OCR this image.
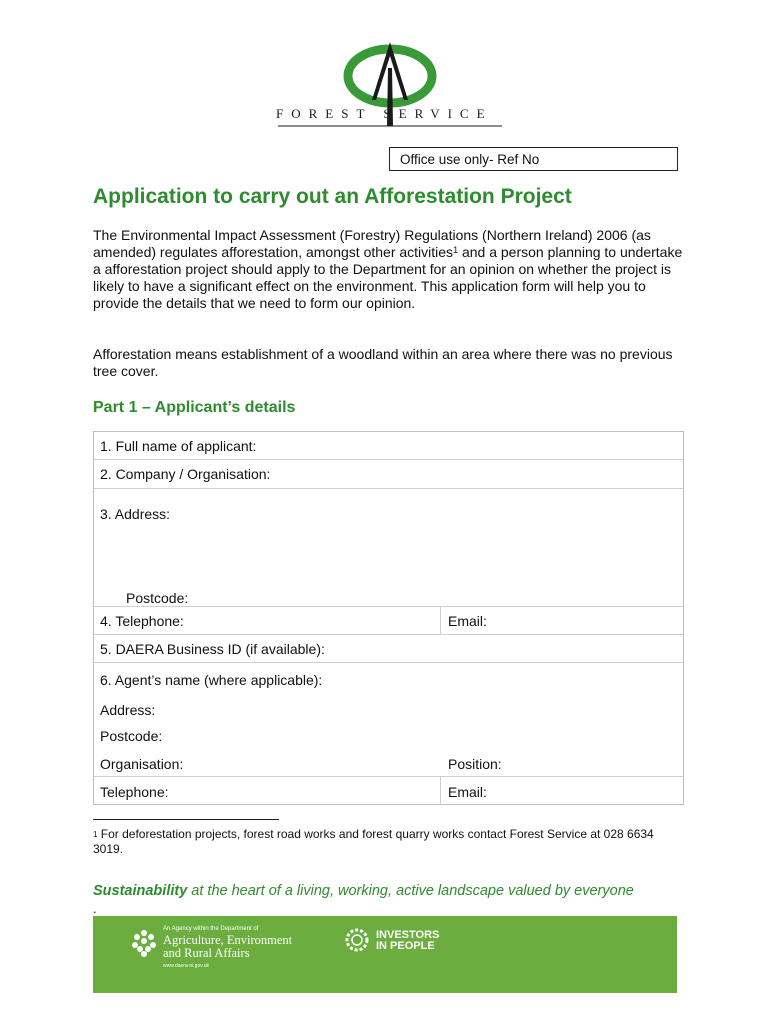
FOREST SERVICE
Office use only- Ref No
Application to carry out an Afforestation Project
The Environmental Impact Assessment (Forestry) Regulations (Northern Ireland) 2006 (as amended) regulates afforestation, amongst other activities$^1$ and a person planning to undertake a afforestation project should apply to the Department for an opinion on whether the project is likely to have a significant effect on the environment. This application form will help you to provide the details that we need to form our opinion.
Afforestation means establishment of a woodland within an area where there was no previous tree cover.
Part 1 – Applicant’s details
1. Full name of applicant:
2. Company / Organisation:
3. Address:
Postcode:
4. Telephone:	Email:
5. DAERA Business ID (if available):
6. Agent’s name (where applicable):
Address:
Postcode:
Organisation:	Position:
Telephone:	Email:
$^1$ For deforestation projects, forest road works and forest quarry works contact Forest Service at 028 6634 3019.
Sustainability at the heart of a living, working, active landscape valued by everyone
.
An Agency within the Department of
Agriculture, Environment
and Rural Affairs
www.daera-ni.gov.uk
INVESTORS
IN PEOPLE
